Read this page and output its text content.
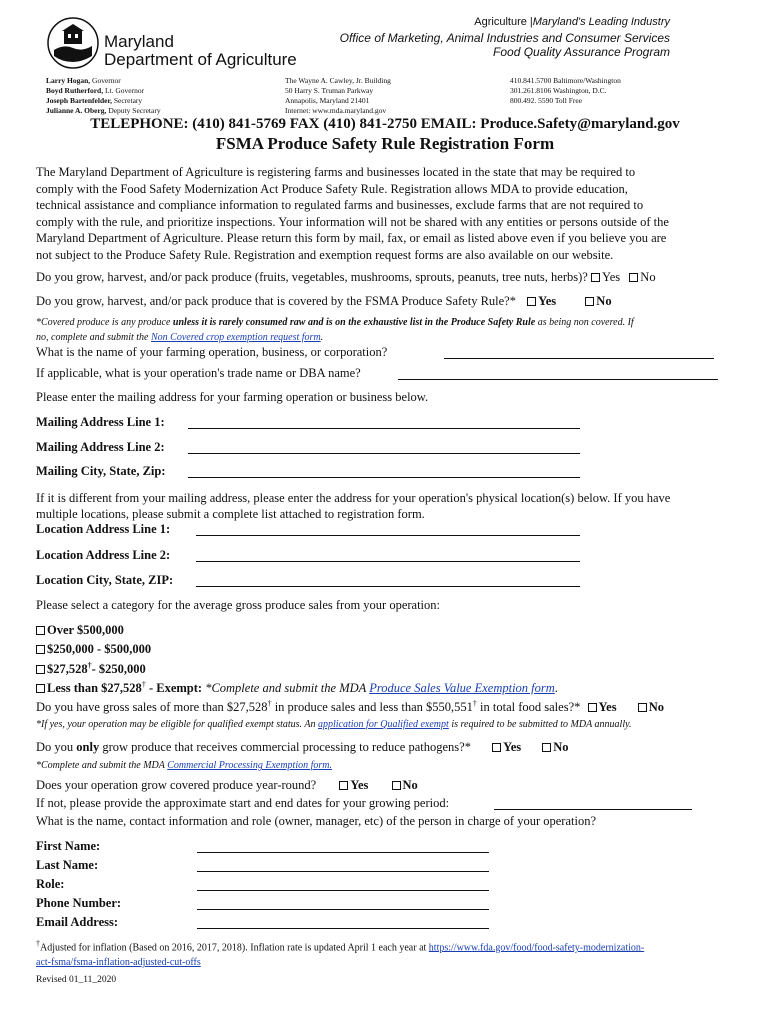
Maryland
Department of Agriculture
Agriculture |Maryland's Leading Industry
Office of Marketing, Animal Industries and Consumer Services
Food Quality Assurance Program
Larry Hogan, Governor
Boyd Rutherford, Lt. Governor
Joseph Bartenfelder, Secretary
Julianne A. Oberg, Deputy Secretary
The Wayne A. Cawley, Jr. Building
50 Harry S. Truman Parkway
Annapolis, Maryland 21401
Internet: www.mda.maryland.gov
410.841.5700 Baltimore/Washington
301.261.8106 Washington, D.C.
800.492. 5590 Toll Free
TELEPHONE: (410) 841-5769 FAX (410) 841-2750 EMAIL: Produce.Safety@maryland.gov
FSMA Produce Safety Rule Registration Form
The Maryland Department of Agriculture is registering farms and businesses located in the state that may be required to
comply with the Food Safety Modernization Act Produce Safety Rule. Registration allows MDA to provide education,
technical assistance and compliance information to regulated farms and businesses, exclude farms that are not required to
comply with the rule, and prioritize inspections. Your information will not be shared with any entities or persons outside of the
Maryland Department of Agriculture. Please return this form by mail, fax, or email as listed above even if you believe you are
not subject to the Produce Safety Rule. Registration and exemption request forms are also available on our website.
Do you grow, harvest, and/or pack produce (fruits, vegetables, mushrooms, sprouts, peanuts, tree nuts, herbs)? Yes No
Do you grow, harvest, and/or pack produce that is covered by the FSMA Produce Safety Rule?* Yes	No
*Covered produce is any produce unless it is rarely consumed raw and is on the exhaustive list in the Produce Safety Rule as being non covered. If
no, complete and submit the Non Covered crop exemption request form.
What is the name of your farming operation, business, or corporation?
If applicable, what is your operation's trade name or DBA name?
Please enter the mailing address for your farming operation or business below.
Mailing Address Line 1:
Mailing Address Line 2:
Mailing City, State, Zip:
If it is different from your mailing address, please enter the address for your operation's physical location(s) below. If you have
multiple locations, please submit a complete list attached to registration form.
Location Address Line 1:
Location Address Line 2:
Location City, State, ZIP:
Please select a category for the average gross produce sales from your operation:
Over $500,000
$250,000 - $500,000
$27,528†- $250,000
Less than $27,528† - Exempt: *Complete and submit the MDA Produce Sales Value Exemption form.
Do you have gross sales of more than $27,528† in produce sales and less than $550,551† in total food sales?* Yes	No
*If yes, your operation may be eligible for qualified exempt status. An application for Qualified exempt is required to be submitted to MDA annually.
Do you only grow produce that receives commercial processing to reduce pathogens?*	Yes	No
*Complete and submit the MDA Commercial Processing Exemption form.
Does your operation grow covered produce year-round?	Yes	No
If not, please provide the approximate start and end dates for your growing period:
What is the name, contact information and role (owner, manager, etc) of the person in charge of your operation?
First Name:
Last Name:
Role:
Phone Number:
Email Address:
†Adjusted for inflation (Based on 2016, 2017, 2018). Inflation rate is updated April 1 each year at https://www.fda.gov/food/food-safety-modernization-
act-fsma/fsma-inflation-adjusted-cut-offs
Revised 01_11_2020
